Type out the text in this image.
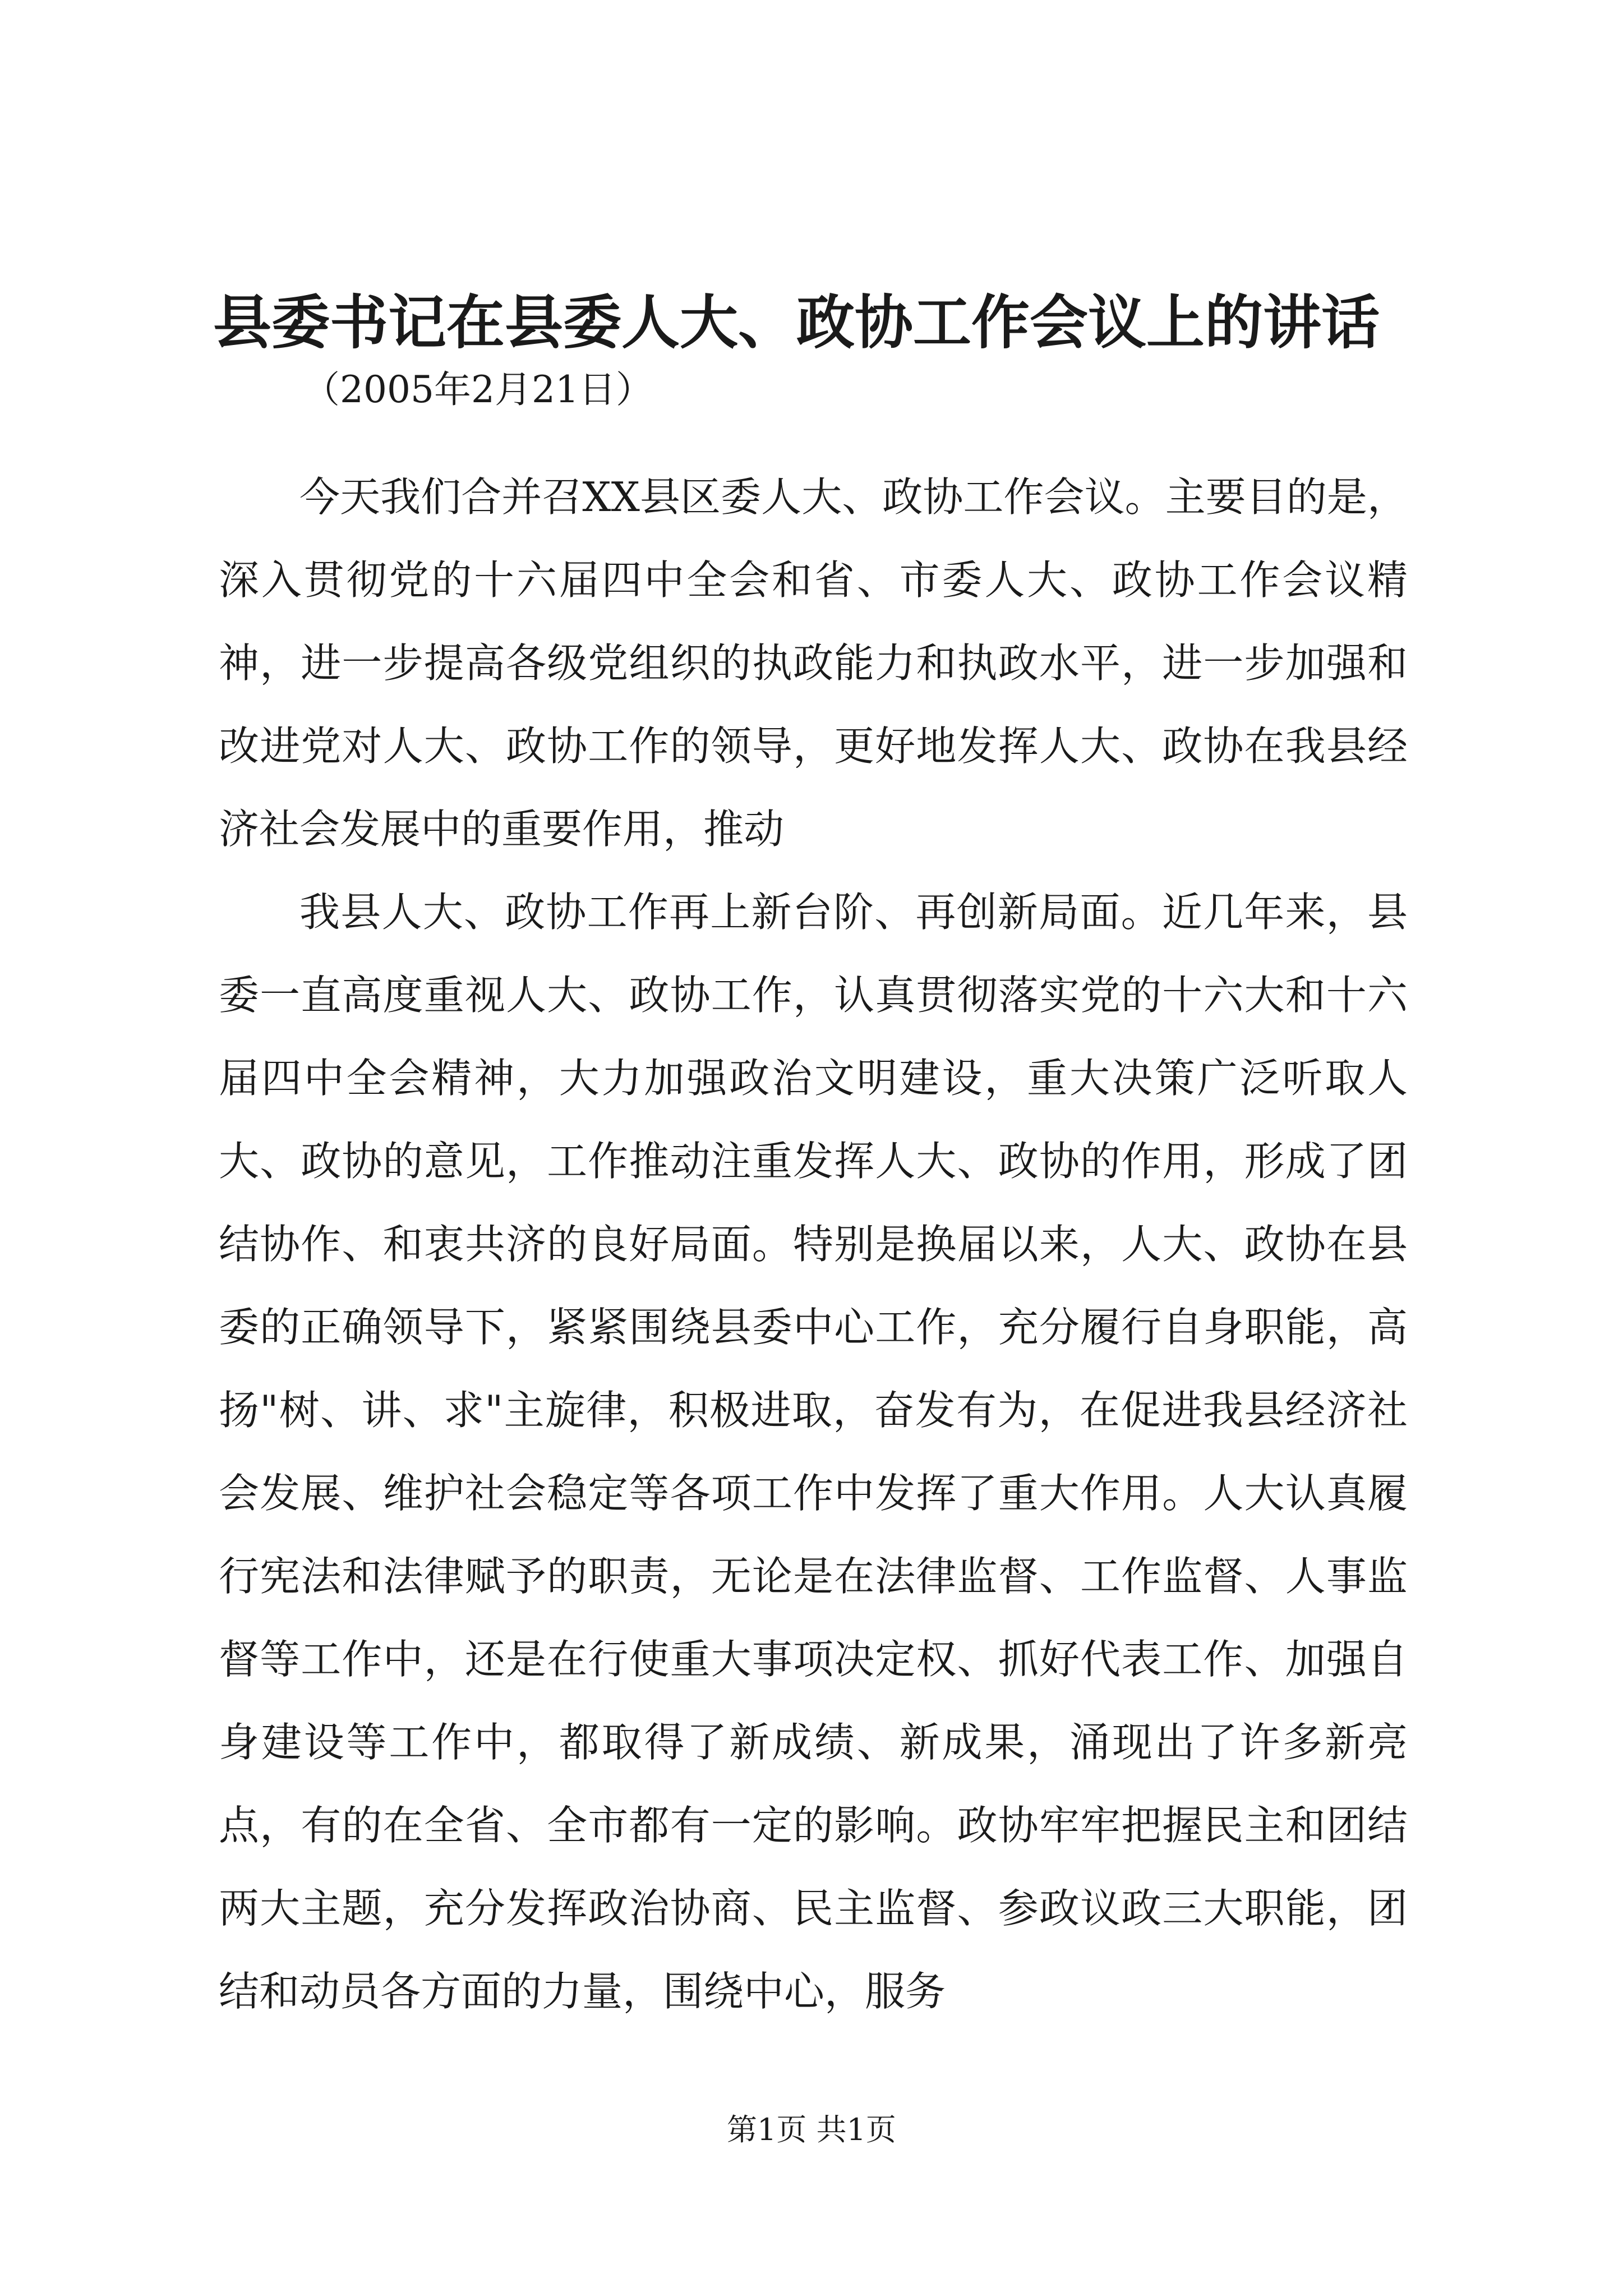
县委书记在县委人大、政协工作会议上的讲话
（2005年2月21日）

今天我们合并召XX县区委人大、政协工作会议。主要目的是，深入贯彻党的十六届四中全会和省、市委人大、政协工作会议精神，进一步提高各级党组织的执政能力和执政水平，进一步加强和改进党对人大、政协工作的领导，更好地发挥人大、政协在我县经济社会发展中的重要作用，推动

我县人大、政协工作再上新台阶、再创新局面。近几年来，县委一直高度重视人大、政协工作，认真贯彻落实党的十六大和十六届四中全会精神，大力加强政治文明建设，重大决策广泛听取人大、政协的意见，工作推动注重发挥人大、政协的作用，形成了团结协作、和衷共济的良好局面。特别是换届以来，人大、政协在县委的正确领导下，紧紧围绕县委中心工作，充分履行自身职能，高扬"树、讲、求"主旋律，积极进取，奋发有为，在促进我县经济社会发展、维护社会稳定等各项工作中发挥了重大作用。人大认真履行宪法和法律赋予的职责，无论是在法律监督、工作监督、人事监督等工作中，还是在行使重大事项决定权、抓好代表工作、加强自身建设等工作中，都取得了新成绩、新成果，涌现出了许多新亮点，有的在全省、全市都有一定的影响。政协牢牢把握民主和团结两大主题，充分发挥政治协商、民主监督、参政议政三大职能，团结和动员各方面的力量，围绕中心，服务

第1页 共1页
